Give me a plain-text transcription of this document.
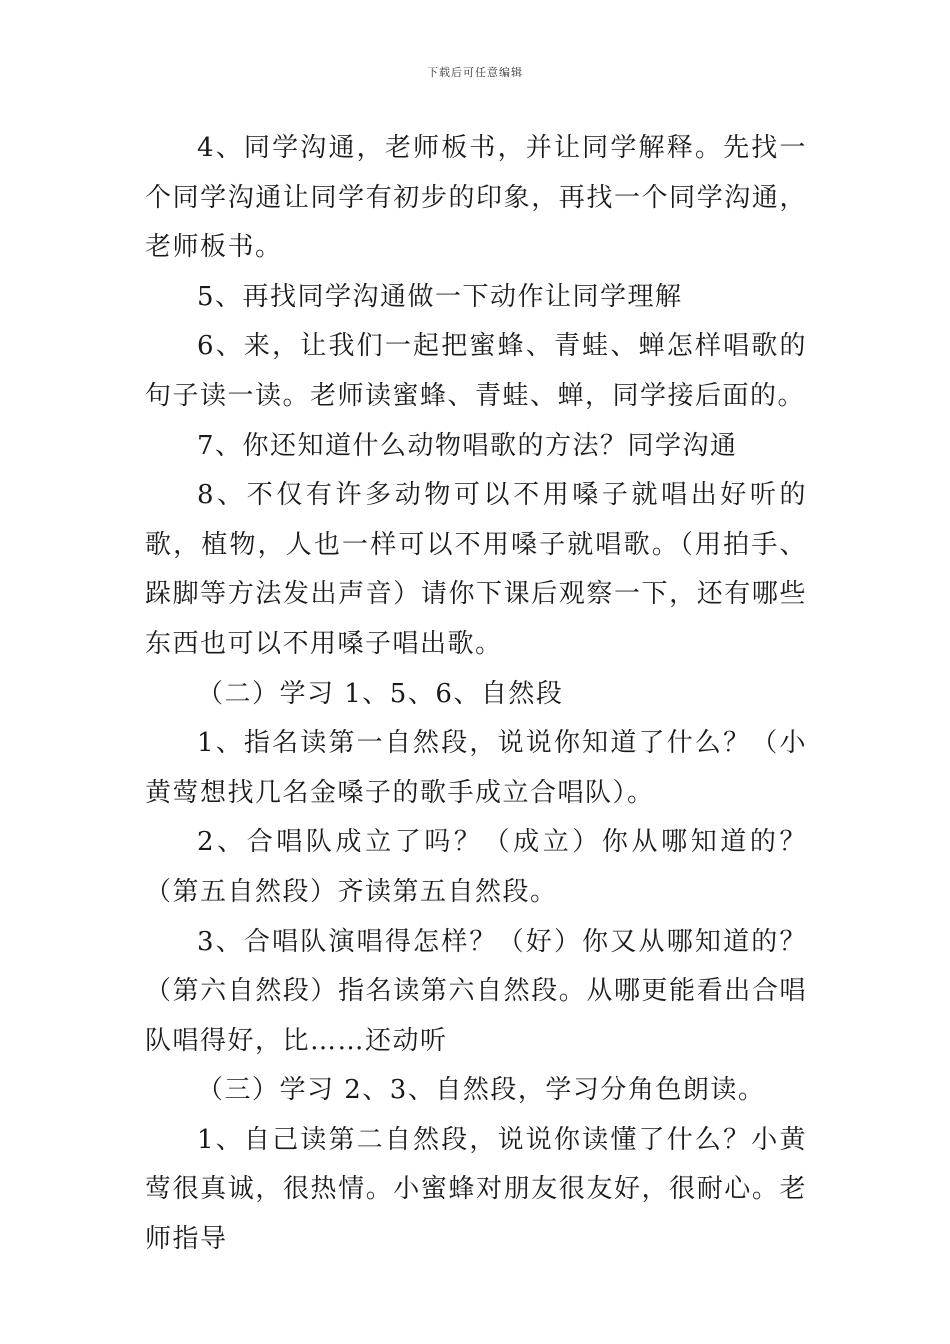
下载后可任意编辑

4、同学沟通，老师板书，并让同学解释。先找一个同学沟通让同学有初步的印象，再找一个同学沟通，老师板书。

5、再找同学沟通做一下动作让同学理解

6、来，让我们一起把蜜蜂、青蛙、蝉怎样唱歌的句子读一读。老师读蜜蜂、青蛙、蝉，同学接后面的。

7、你还知道什么动物唱歌的方法？同学沟通

8、不仅有许多动物可以不用嗓子就唱出好听的歌，植物，人也一样可以不用嗓子就唱歌。（用拍手、跺脚等方法发出声音）请你下课后观察一下，还有哪些东西也可以不用嗓子唱出歌。

（二）学习 1、5、6、自然段

1、指名读第一自然段，说说你知道了什么？（小黄莺想找几名金嗓子的歌手成立合唱队）。

2、合唱队成立了吗？（成立）你从哪知道的？（第五自然段）齐读第五自然段。

3、合唱队演唱得怎样？（好）你又从哪知道的？（第六自然段）指名读第六自然段。从哪更能看出合唱队唱得好，比……还动听

（三）学习 2、3、自然段，学习分角色朗读。

1、自己读第二自然段，说说你读懂了什么？小黄莺很真诚，很热情。小蜜蜂对朋友很友好，很耐心。老师指导
